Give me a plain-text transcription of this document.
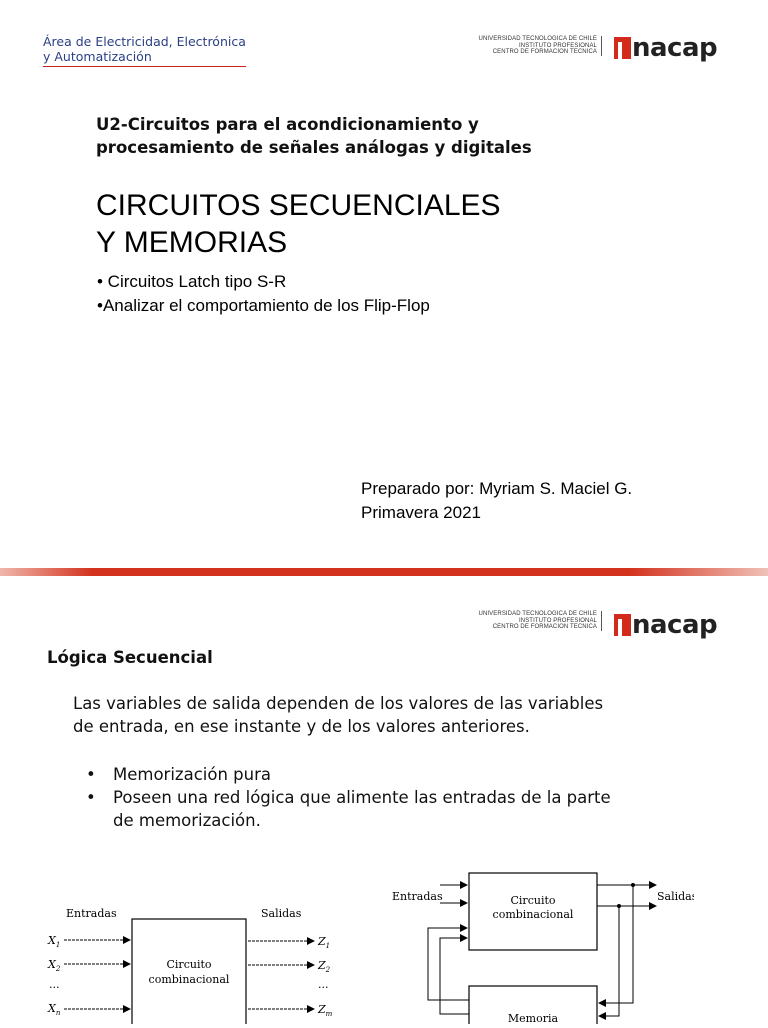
Área de Electricidad, Electrónica
y Automatización
UNIVERSIDAD TECNOLOGICA DE CHILE
INSTITUTO PROFESIONAL
CENTRO DE FORMACION TECNICA nacap
U2-Circuitos para el acondicionamiento y
procesamiento de señales análogas y digitales
CIRCUITOS SECUENCIALES
Y MEMORIAS
• Circuitos Latch tipo S-R
•Analizar el comportamiento de los Flip-Flop
Preparado por: Myriam S. Maciel G.
Primavera 2021
UNIVERSIDAD TECNOLOGICA DE CHILE
INSTITUTO PROFESIONAL
CENTRO DE FORMACION TECNICA nacap
Lógica Secuencial
Las variables de salida dependen de los valores de las variables
de entrada, en ese instante y de los valores anteriores.
• Memorización pura
• Poseen una red lógica que alimente las entradas de la parte
de memorización.
Entradas	Salidas
Circuito
combinacional
$X_1$
$X_2$
...
$X_n$
$Z_1$
$Z_2$
...
$Z_m$
Entradas	Salidas
Circuito
combinacional
Memoria
